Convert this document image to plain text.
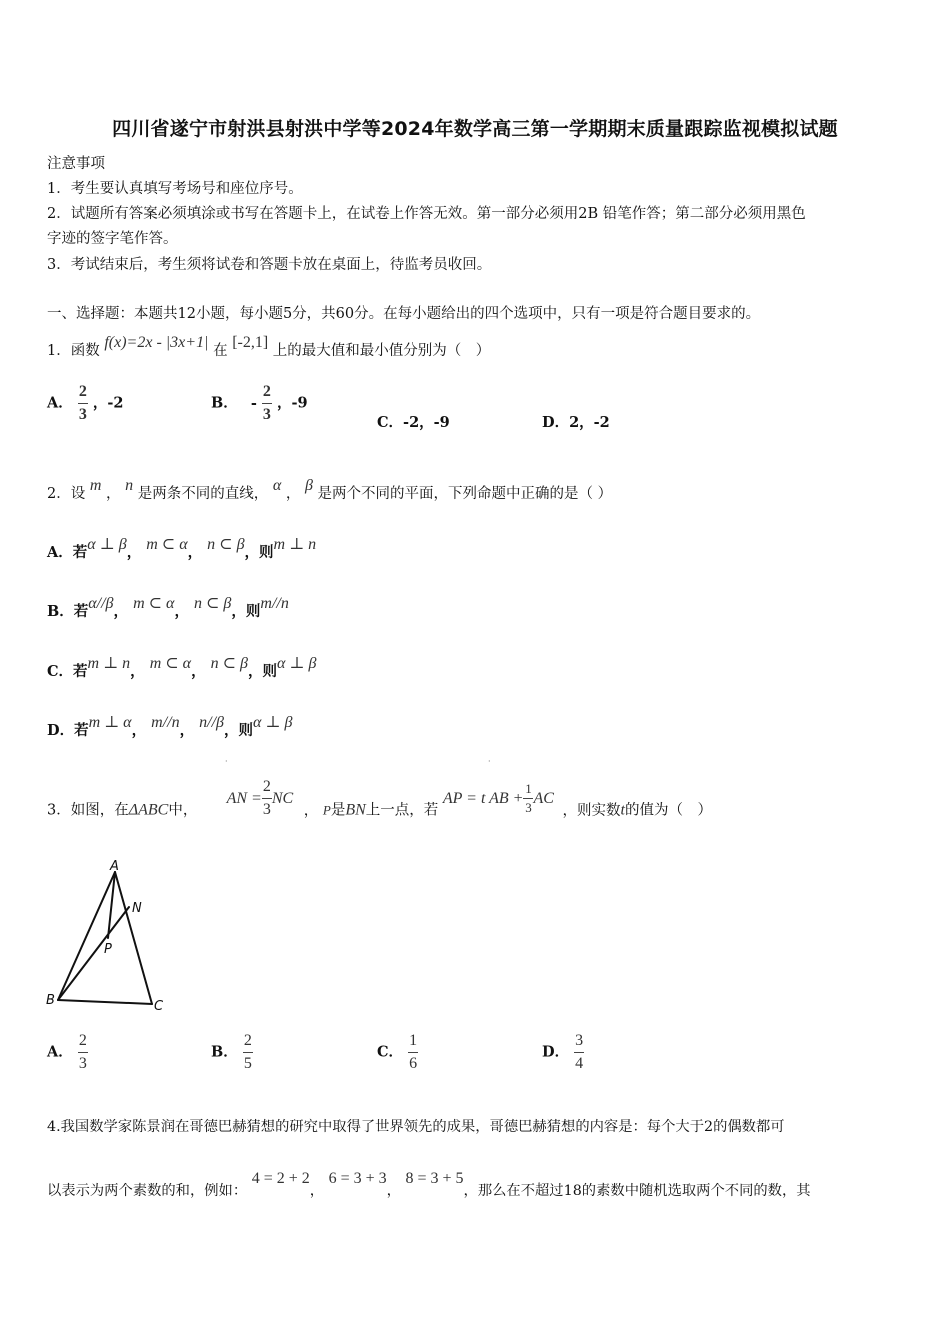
四川省遂宁市射洪县射洪中学等2024年数学高三第一学期期末质量跟踪监视模拟试题
注意事项
1．考生要认真填写考场号和座位序号。
2．试题所有答案必须填涂或书写在答题卡上，在试卷上作答无效。第一部分必须用2B 铅笔作答；第二部分必须用黑色
字迹的签字笔作答。
3．考试结束后，考生须将试卷和答题卡放在桌面上，待监考员收回。
一、选择题：本题共12小题，每小题5分，共60分。在每小题给出的四个选项中，只有一项是符合题目要求的。
1．函数 f(x)=2x - |3x+1| 在 [-2,1] 上的最大值和最小值分别为（　）
A． $\frac{2}{3}$ ，-2	B． - $\frac{2}{3}$ ，-9
C．-2，-9	D．2，-2
2．设 m ， n 是两条不同的直线， α ， β 是两个不同的平面，下列命题中正确的是（ ）
A．若α ⊥ β， m ⊂ α， n ⊂ β，则m ⊥ n
B．若α//β， m ⊂ α， n ⊂ β，则m//n
C．若m ⊥ n， m ⊂ α， n ⊂ β，则α ⊥ β
D．若m ⊥ α， m//n， n//β，则α ⊥ β
3．如图，在ΔABC中，  AN = $\frac{2}{3}$ NC ， P是BN上一点，若 AP = t AB + $\frac{1}{3}$ AC ，则实数t的值为（　）
·	·
A
B	C
N
P
A． $\frac{2}{3}$	B． $\frac{2}{5}$	C． $\frac{1}{6}$	D． $\frac{3}{4}$
4.我国数学家陈景润在哥德巴赫猜想的研究中取得了世界领先的成果，哥德巴赫猜想的内容是：每个大于2的偶数都可
以表示为两个素数的和，例如： 4 = 2 + 2， 6 = 3 + 3， 8 = 3 + 5，那么在不超过18的素数中随机选取两个不同的数，其
